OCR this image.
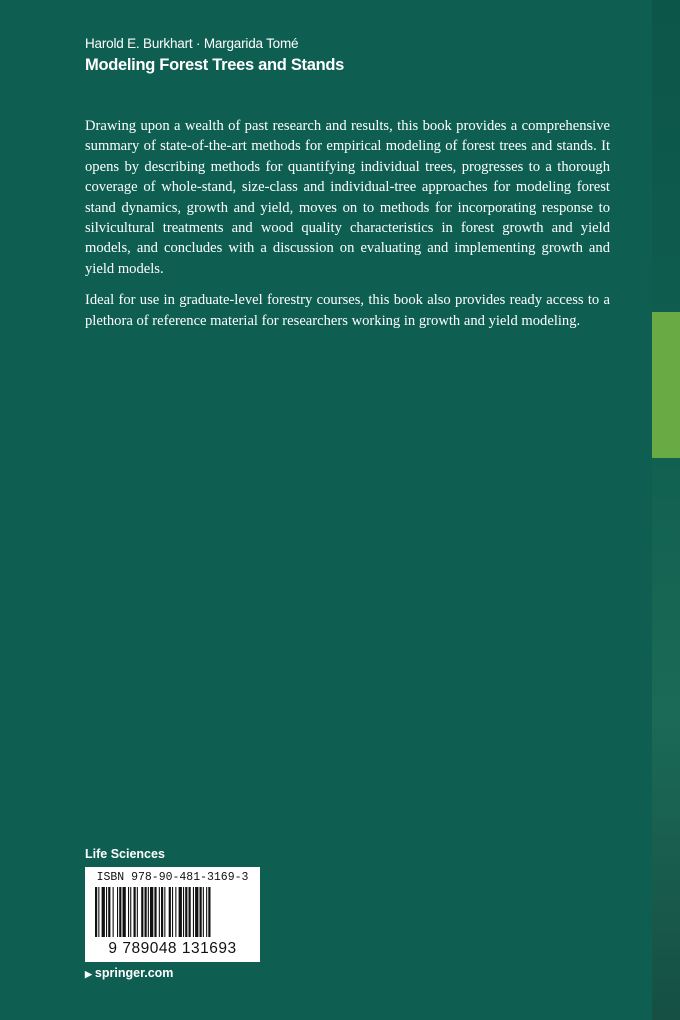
Harold E. Burkhart · Margarida Tomé
Modeling Forest Trees and Stands

Drawing upon a wealth of past research and results, this book provides a comprehensive summary of state-of-the-art methods for empirical modeling of forest trees and stands. It opens by describing methods for quantifying individual trees, progresses to a thorough coverage of whole-stand, size-class and individual-tree approaches for modeling forest stand dynamics, growth and yield, moves on to methods for incorporating response to silvicultural treatments and wood quality characteristics in forest growth and yield models, and concludes with a discussion on evaluating and implementing growth and yield models.

Ideal for use in graduate-level forestry courses, this book also provides ready access to a plethora of reference material for researchers working in growth and yield modeling.

Life Sciences
ISBN 978-90-481-3169-3
9 789048 131693
▶ springer.com
